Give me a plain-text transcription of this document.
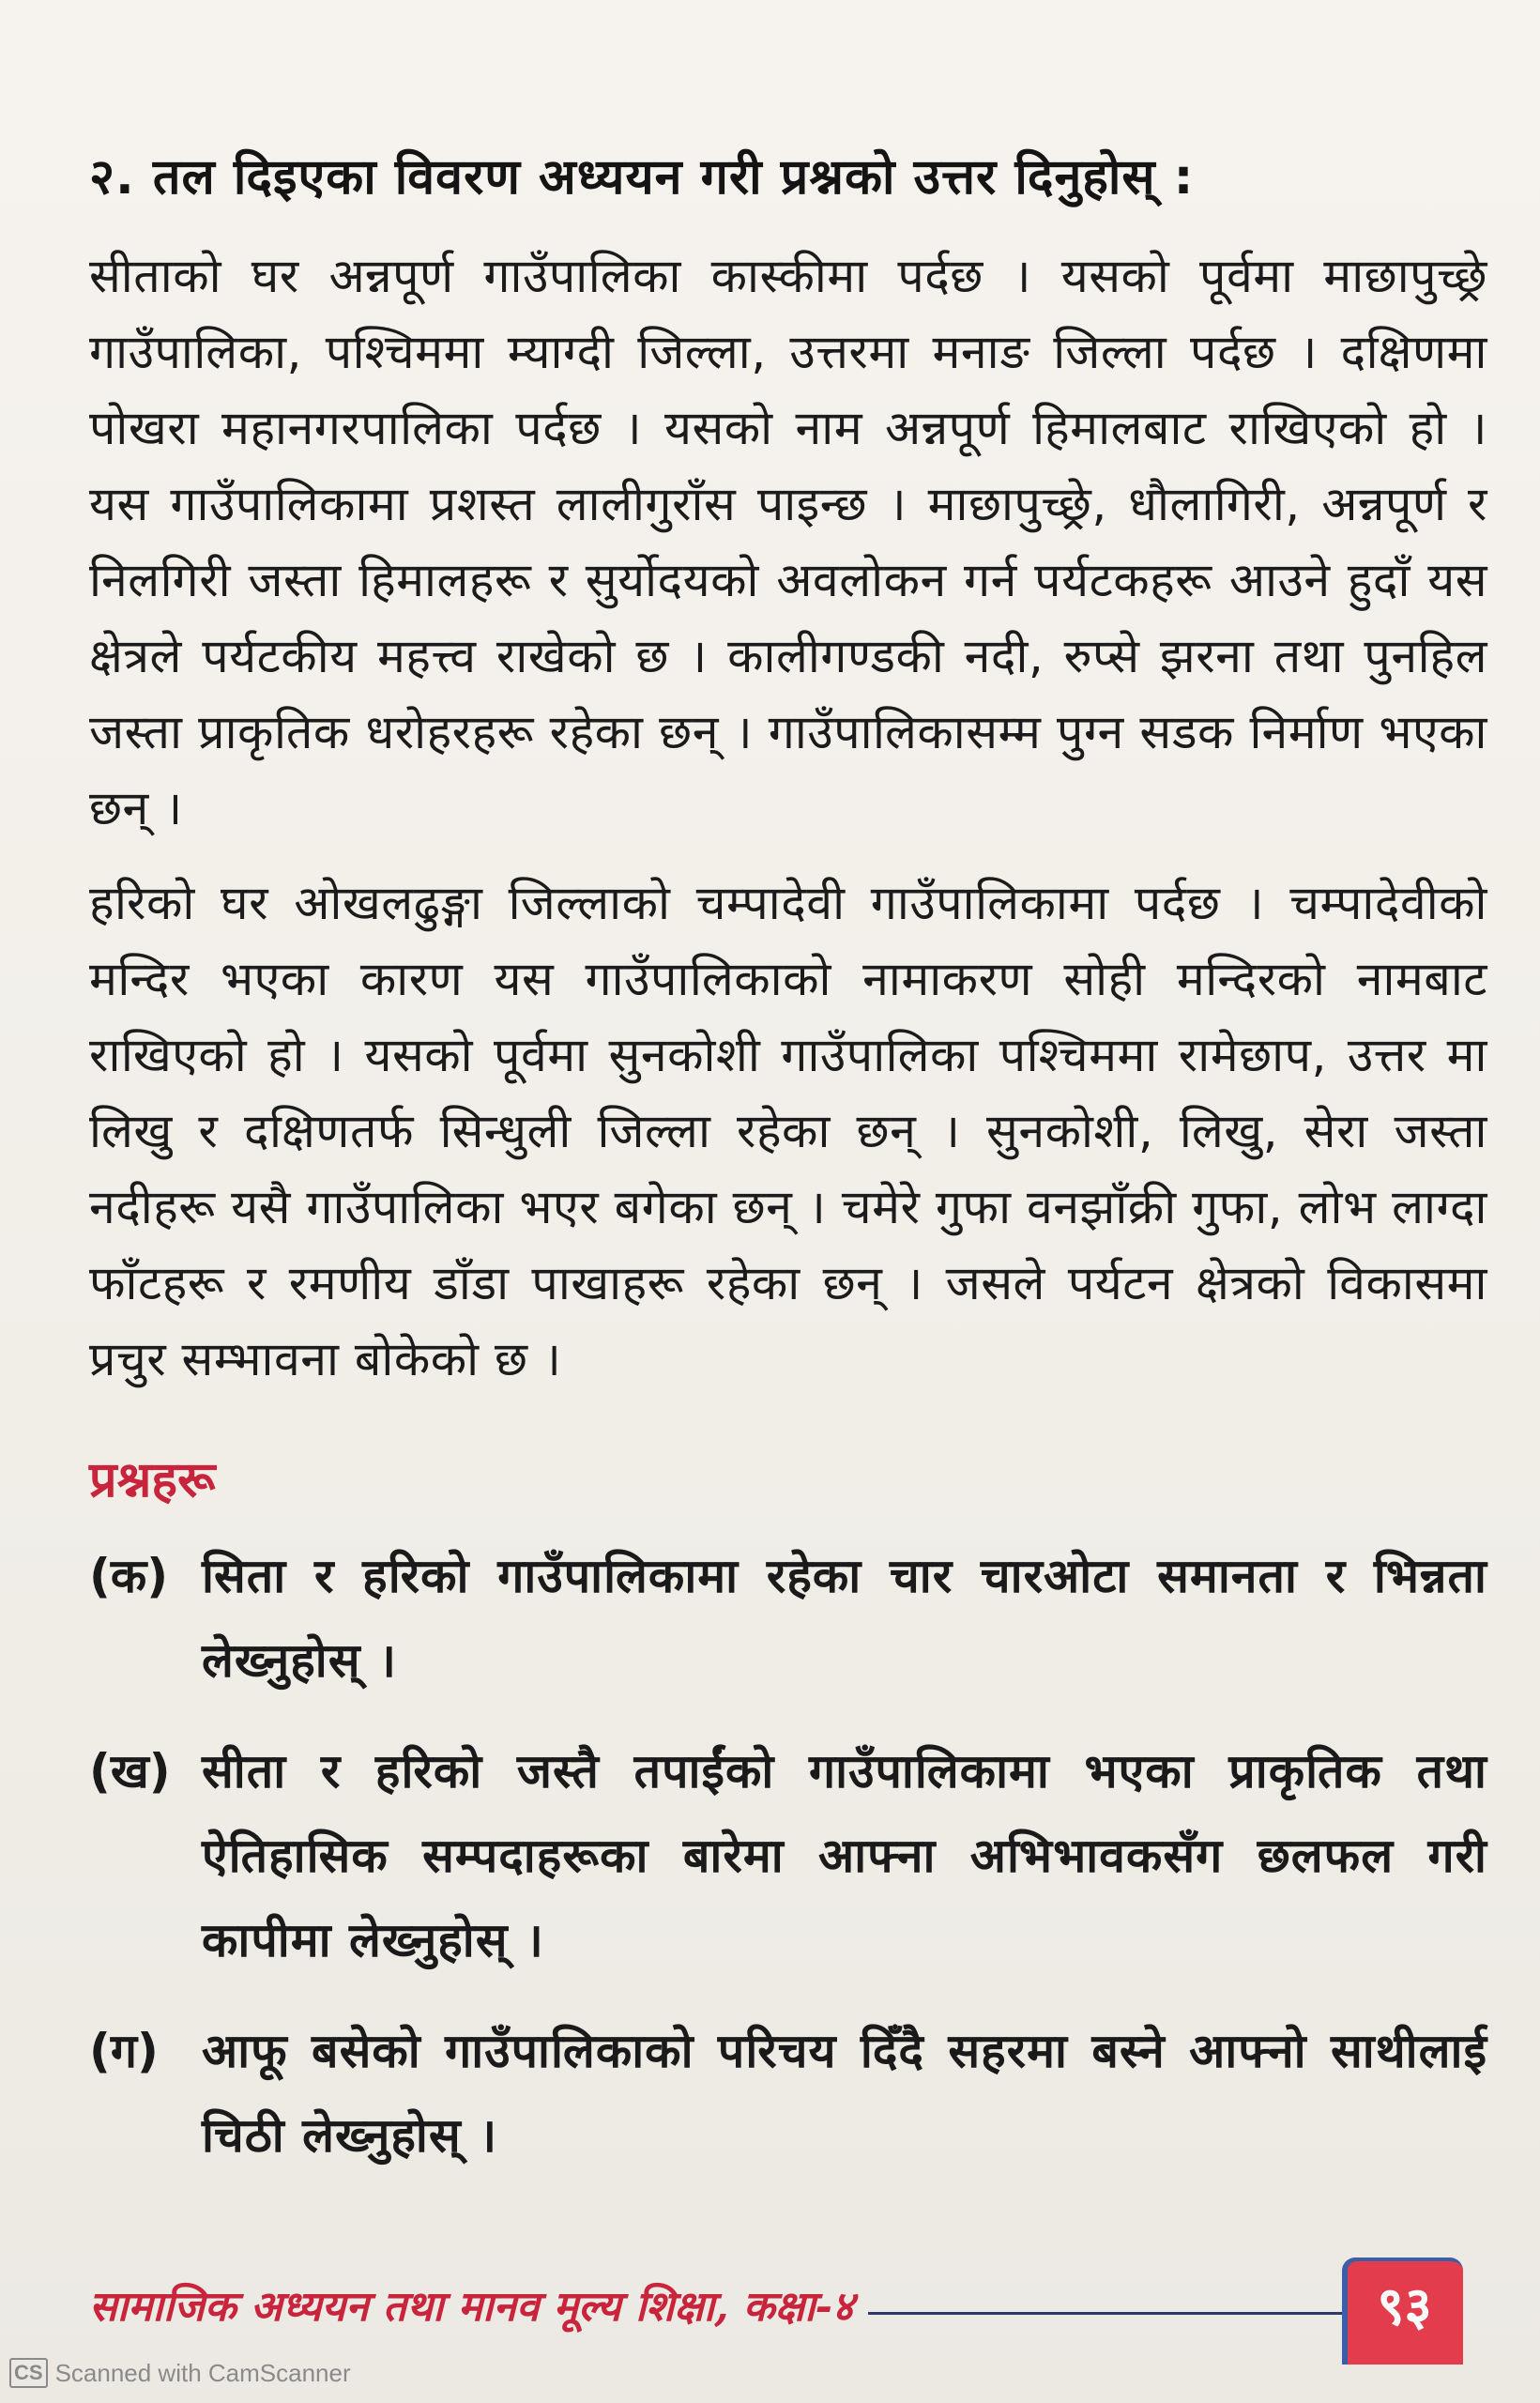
२. तल दिइएका विवरण अध्ययन गरी प्रश्नको उत्तर दिनुहोस् :

सीताको घर अन्नपूर्ण गाउँपालिका कास्कीमा पर्दछ । यसको पूर्वमा माछापुच्छ्रे गाउँपालिका, पश्चिममा म्याग्दी जिल्ला, उत्तरमा मनाङ जिल्ला पर्दछ । दक्षिणमा पोखरा महानगरपालिका पर्दछ । यसको नाम अन्नपूर्ण हिमालबाट राखिएको हो । यस गाउँपालिकामा प्रशस्त लालीगुराँस पाइन्छ । माछापुच्छ्रे, धौलागिरी, अन्नपूर्ण र निलगिरी जस्ता हिमालहरू र सुर्योदयको अवलोकन गर्न पर्यटकहरू आउने हुदाँ यस क्षेत्रले पर्यटकीय महत्त्व राखेको छ । कालीगण्डकी नदी, रुप्से झरना तथा पुनहिल जस्ता प्राकृतिक धरोहरहरू रहेका छन् । गाउँपालिकासम्म पुग्न सडक निर्माण भएका छन् ।

हरिको घर ओखलढुङ्गा जिल्लाको चम्पादेवी गाउँपालिकामा पर्दछ । चम्पादेवीको मन्दिर भएका कारण यस गाउँपालिकाको नामाकरण सोही मन्दिरको नामबाट राखिएको हो । यसको पूर्वमा सुनकोशी गाउँपालिका पश्चिममा रामेछाप, उत्तर मा लिखु र दक्षिणतर्फ सिन्धुली जिल्ला रहेका छन् । सुनकोशी, लिखु, सेरा जस्ता नदीहरू यसै गाउँपालिका भएर बगेका छन् । चमेरे गुफा वनझाँक्री गुफा, लोभ लाग्दा फाँटहरू र रमणीय डाँडा पाखाहरू रहेका छन् । जसले पर्यटन क्षेत्रको विकासमा प्रचुर सम्भावना बोकेको छ ।

प्रश्नहरू
(क) सिता र हरिको गाउँपालिकामा रहेका चार चारओटा समानता र भिन्नता लेख्नुहोस् ।
(ख) सीता र हरिको जस्तै तपाईंको गाउँपालिकामा भएका प्राकृतिक तथा ऐतिहासिक सम्पदाहरूका बारेमा आफ्ना अभिभावकसँग छलफल गरी कापीमा लेख्नुहोस् ।
(ग) आफू बसेको गाउँपालिकाको परिचय दिँदै सहरमा बस्ने आफ्नो साथीलाई चिठी लेख्नुहोस् ।
सामाजिक अध्ययन तथा मानव मूल्य शिक्षा, कक्षा-४	९३
CS Scanned with CamScanner
